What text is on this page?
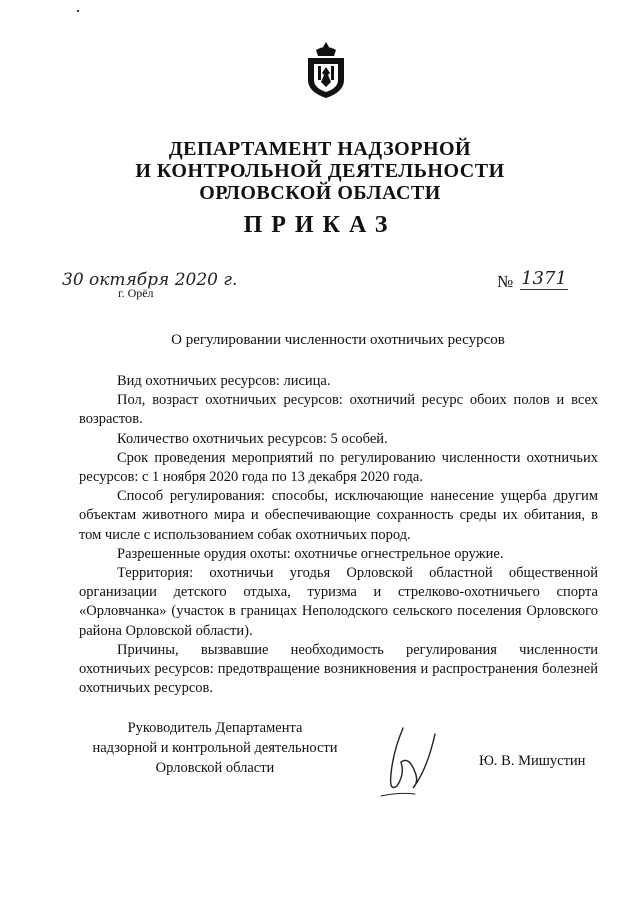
ДЕПАРТАМЕНТ НАДЗОРНОЙ
И КОНТРОЛЬНОЙ ДЕЯТЕЛЬНОСТИ
ОРЛОВСКОЙ ОБЛАСТИ
ПРИКАЗ
30 октября 2020 г.
г. Орёл
№ 1371
О регулировании численности охотничьих ресурсов

Вид охотничьих ресурсов: лисица.

Пол, возраст охотничьих ресурсов: охотничий ресурс обоих полов и всех возрастов.

Количество охотничьих ресурсов: 5 особей.

Срок проведения мероприятий по регулированию численности охотничьих ресурсов: с 1 ноября 2020 года по 13 декабря 2020 года.

Способ регулирования: способы, исключающие нанесение ущерба другим объектам животного мира и обеспечивающие сохранность среды их обитания, в том числе с использованием собак охотничьих пород.

Разрешенные орудия охоты: охотничье огнестрельное оружие.

Территория: охотничьи угодья Орловской областной общественной организации детского отдыха, туризма и стрелково-охотничьего спорта «Орловчанка» (участок в границах Неполодского сельского поселения Орловского района Орловской области).

Причины, вызвавшие необходимость регулирования численности охотничьих ресурсов: предотвращение возникновения и распространения болезней охотничьих ресурсов.

Руководитель Департамента
надзорной и контрольной деятельности
Орловской области	Ю. В. Мишустин
